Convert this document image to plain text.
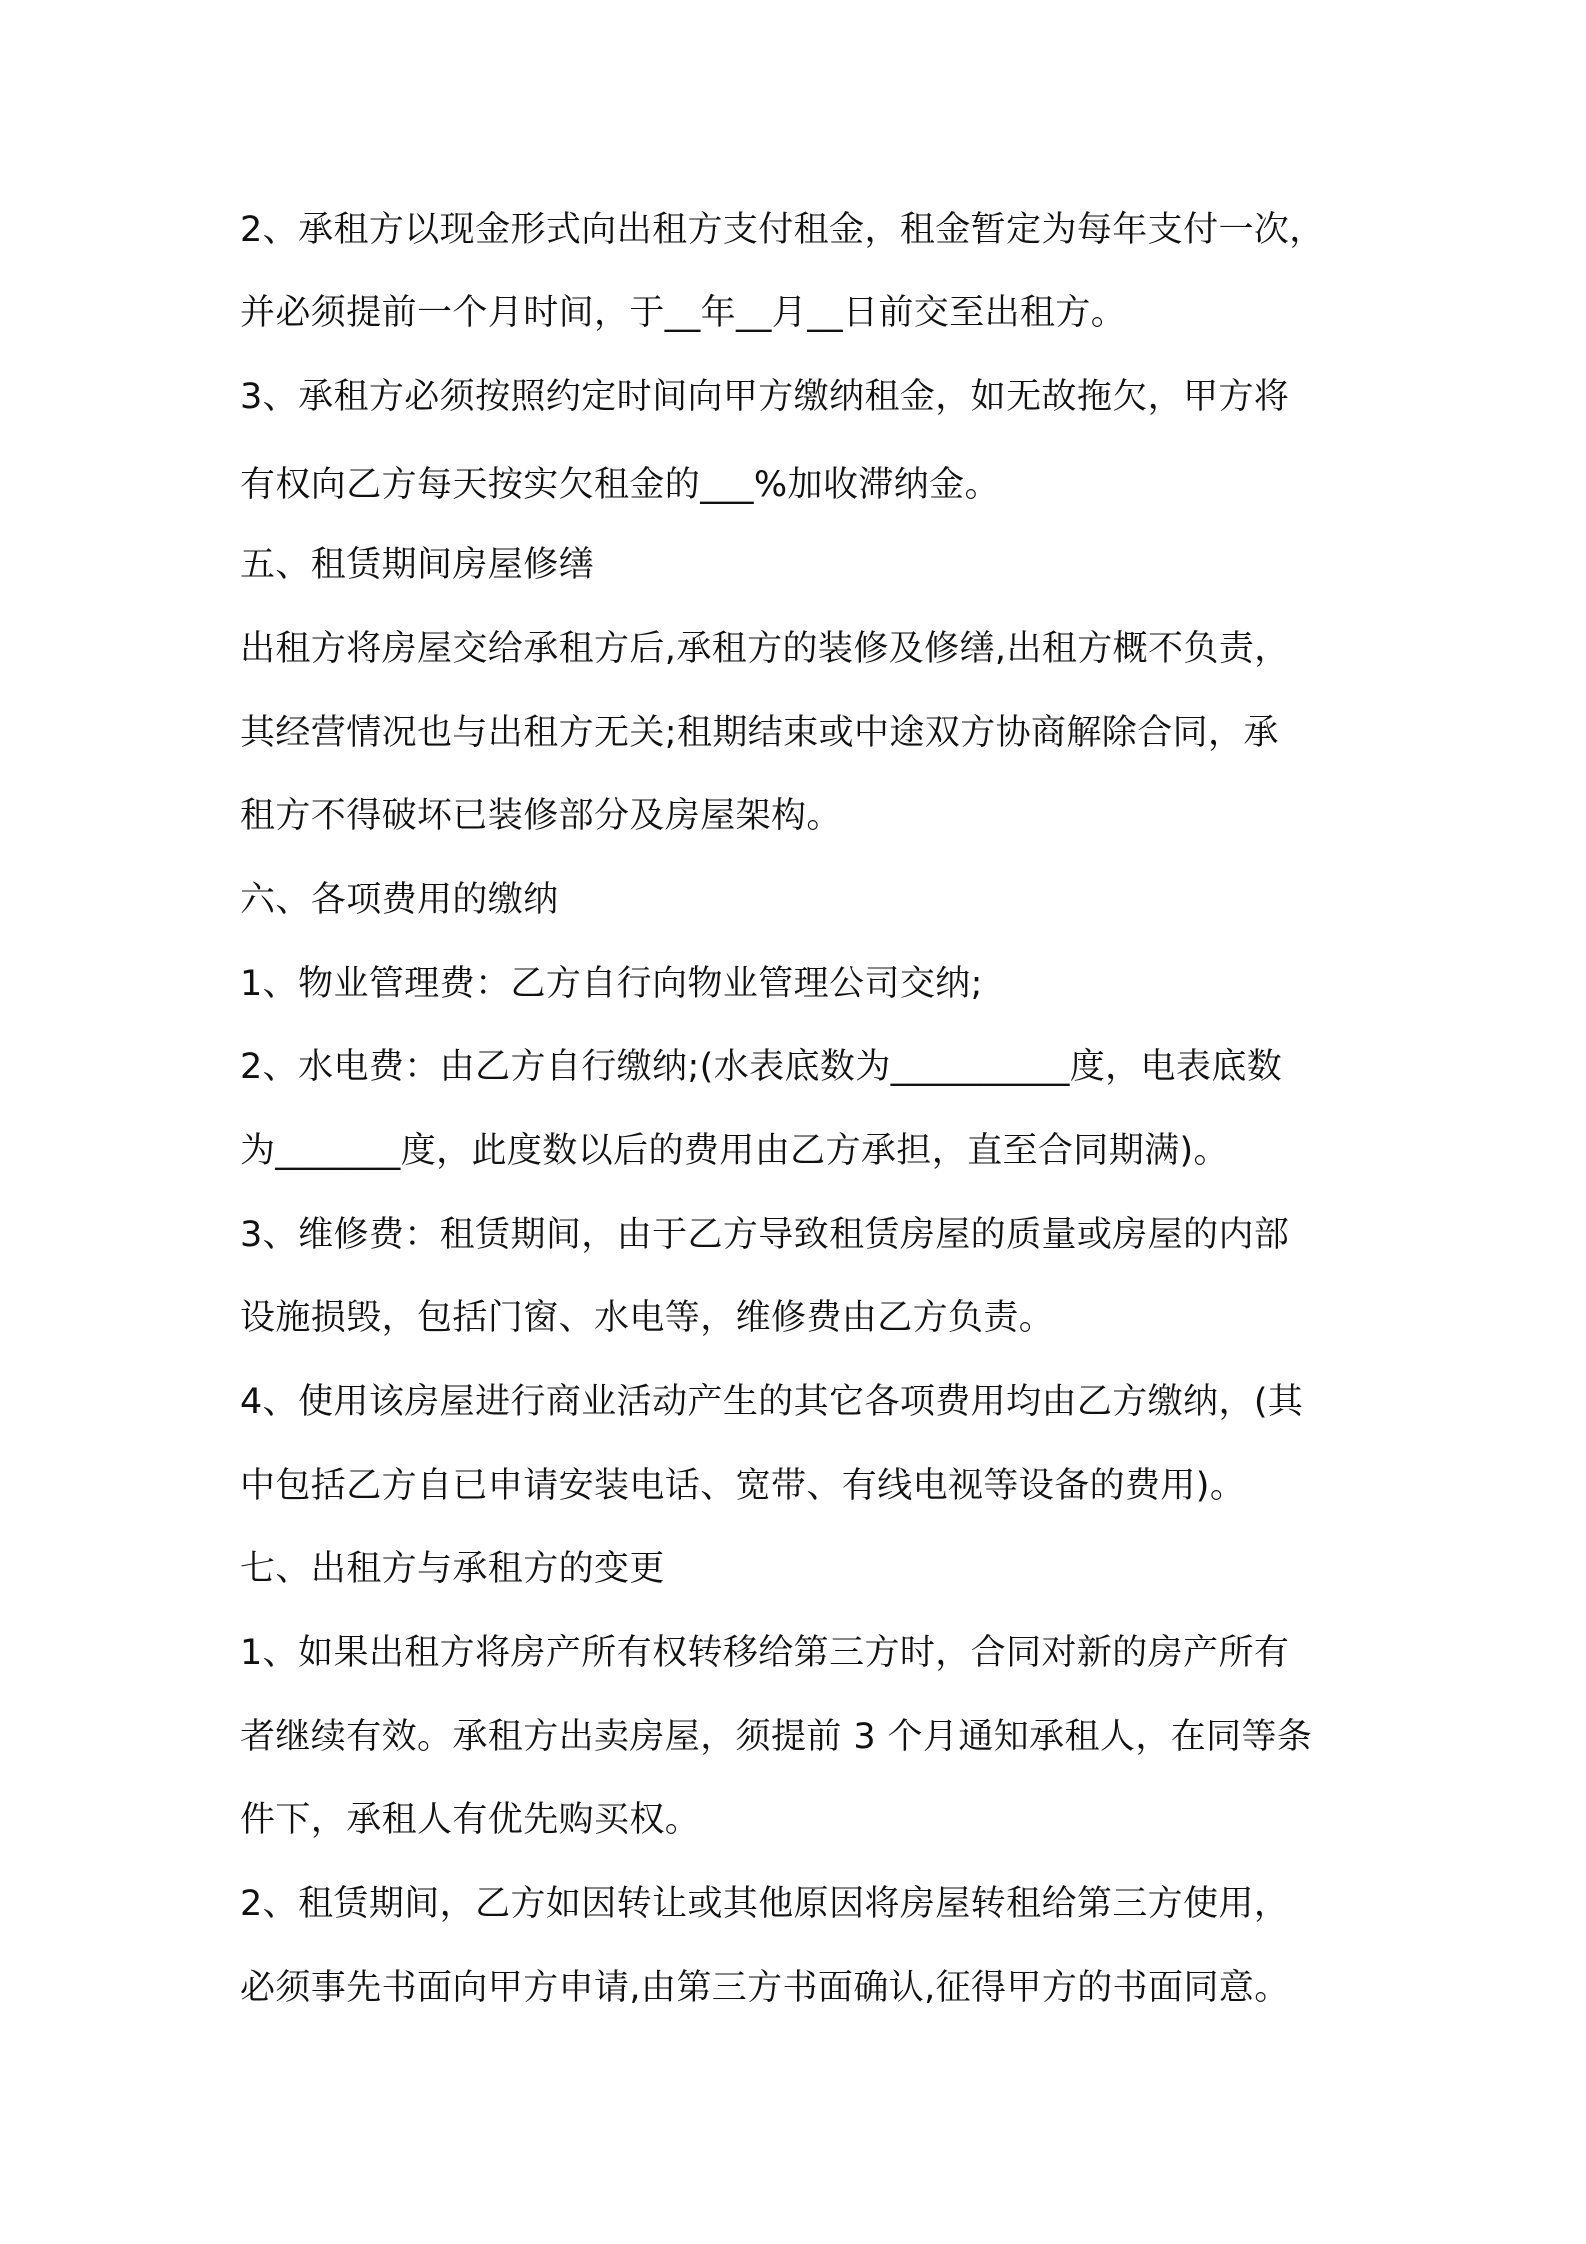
2、承租方以现金形式向出租方支付租金，租金暂定为每年支付一次，
并必须提前一个月时间，于__年__月__日前交至出租方。
3、承租方必须按照约定时间向甲方缴纳租金，如无故拖欠，甲方将
有权向乙方每天按实欠租金的___%加收滞纳金。
五、租赁期间房屋修缮
出租方将房屋交给承租方后,承租方的装修及修缮,出租方概不负责，
其经营情况也与出租方无关;租期结束或中途双方协商解除合同，承
租方不得破坏已装修部分及房屋架构。
六、各项费用的缴纳
1、物业管理费：乙方自行向物业管理公司交纳;
2、水电费：由乙方自行缴纳;(水表底数为__________度，电表底数
为_______度，此度数以后的费用由乙方承担，直至合同期满)。
3、维修费：租赁期间，由于乙方导致租赁房屋的质量或房屋的内部
设施损毁，包括门窗、水电等，维修费由乙方负责。
4、使用该房屋进行商业活动产生的其它各项费用均由乙方缴纳，(其
中包括乙方自已申请安装电话、宽带、有线电视等设备的费用)。
七、出租方与承租方的变更
1、如果出租方将房产所有权转移给第三方时，合同对新的房产所有
者继续有效。承租方出卖房屋，须提前 3 个月通知承租人，在同等条
件下，承租人有优先购买权。
2、租赁期间，乙方如因转让或其他原因将房屋转租给第三方使用，
必须事先书面向甲方申请,由第三方书面确认,征得甲方的书面同意。
